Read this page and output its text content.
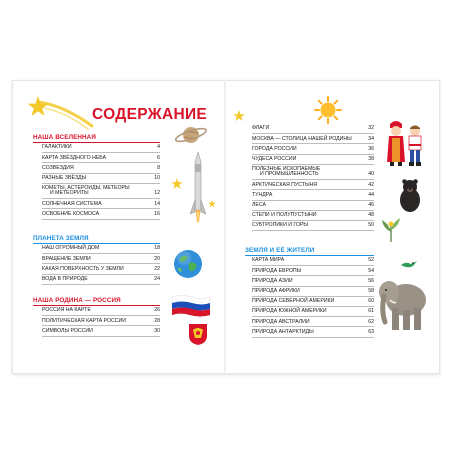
СОДЕРЖАНИЕ
НАША ВСЕЛЕННАЯ
ГАЛАКТИКИ	4
КАРТА ЗВЁЗДНОГО НЕБА	6
СОЗВЕЗДИЯ	8
РАЗНЫЕ ЗВЁЗДЫ	10
КОМЕТЫ, АСТЕРОИДЫ, МЕТЕОРЫ
И МЕТЕОРИТЫ	12
СОЛНЕЧНАЯ СИСТЕМА	14
ОСВОЕНИЕ КОСМОСА	16
ПЛАНЕТА ЗЕМЛЯ
НАШ ОГРОМНЫЙ ДОМ	18
ВРАЩЕНИЕ ЗЕМЛИ	20
КАКАЯ ПОВЕРХНОСТЬ У ЗЕМЛИ	22
ВОДА В ПРИРОДЕ	24
НАША РОДИНА — РОССИЯ
РОССИЯ НА КАРТЕ	26
ПОЛИТИЧЕСКАЯ КАРТА РОССИИ	28
СИМВОЛЫ РОССИИ	30
ФЛАГИ	32
МОСКВА — СТОЛИЦА НАШЕЙ РОДИНЫ	34
ГОРОДА РОССИИ	36
ЧУДЕСА РОССИИ	38
ПОЛЕЗНЫЕ ИСКОПАЕМЫЕ
И ПРОМЫШЛЕННОСТЬ	40
АРКТИЧЕСКАЯ ПУСТЫНЯ	42
ТУНДРА	44
ЛЕСА	46
СТЕПИ И ПОЛУПУСТЫНИ	48
СУБТРОПИКИ И ГОРЫ	50
ЗЕМЛЯ И ЕЁ ЖИТЕЛИ
КАРТА МИРА	52
ПРИРОДА ЕВРОПЫ	54
ПРИРОДА АЗИИ	56
ПРИРОДА АФРИКИ	58
ПРИРОДА СЕВЕРНОЙ АМЕРИКИ	60
ПРИРОДА ЮЖНОЙ АМЕРИКИ	61
ПРИРОДА АВСТРАЛИИ	62
ПРИРОДА АНТАРКТИДЫ	63
